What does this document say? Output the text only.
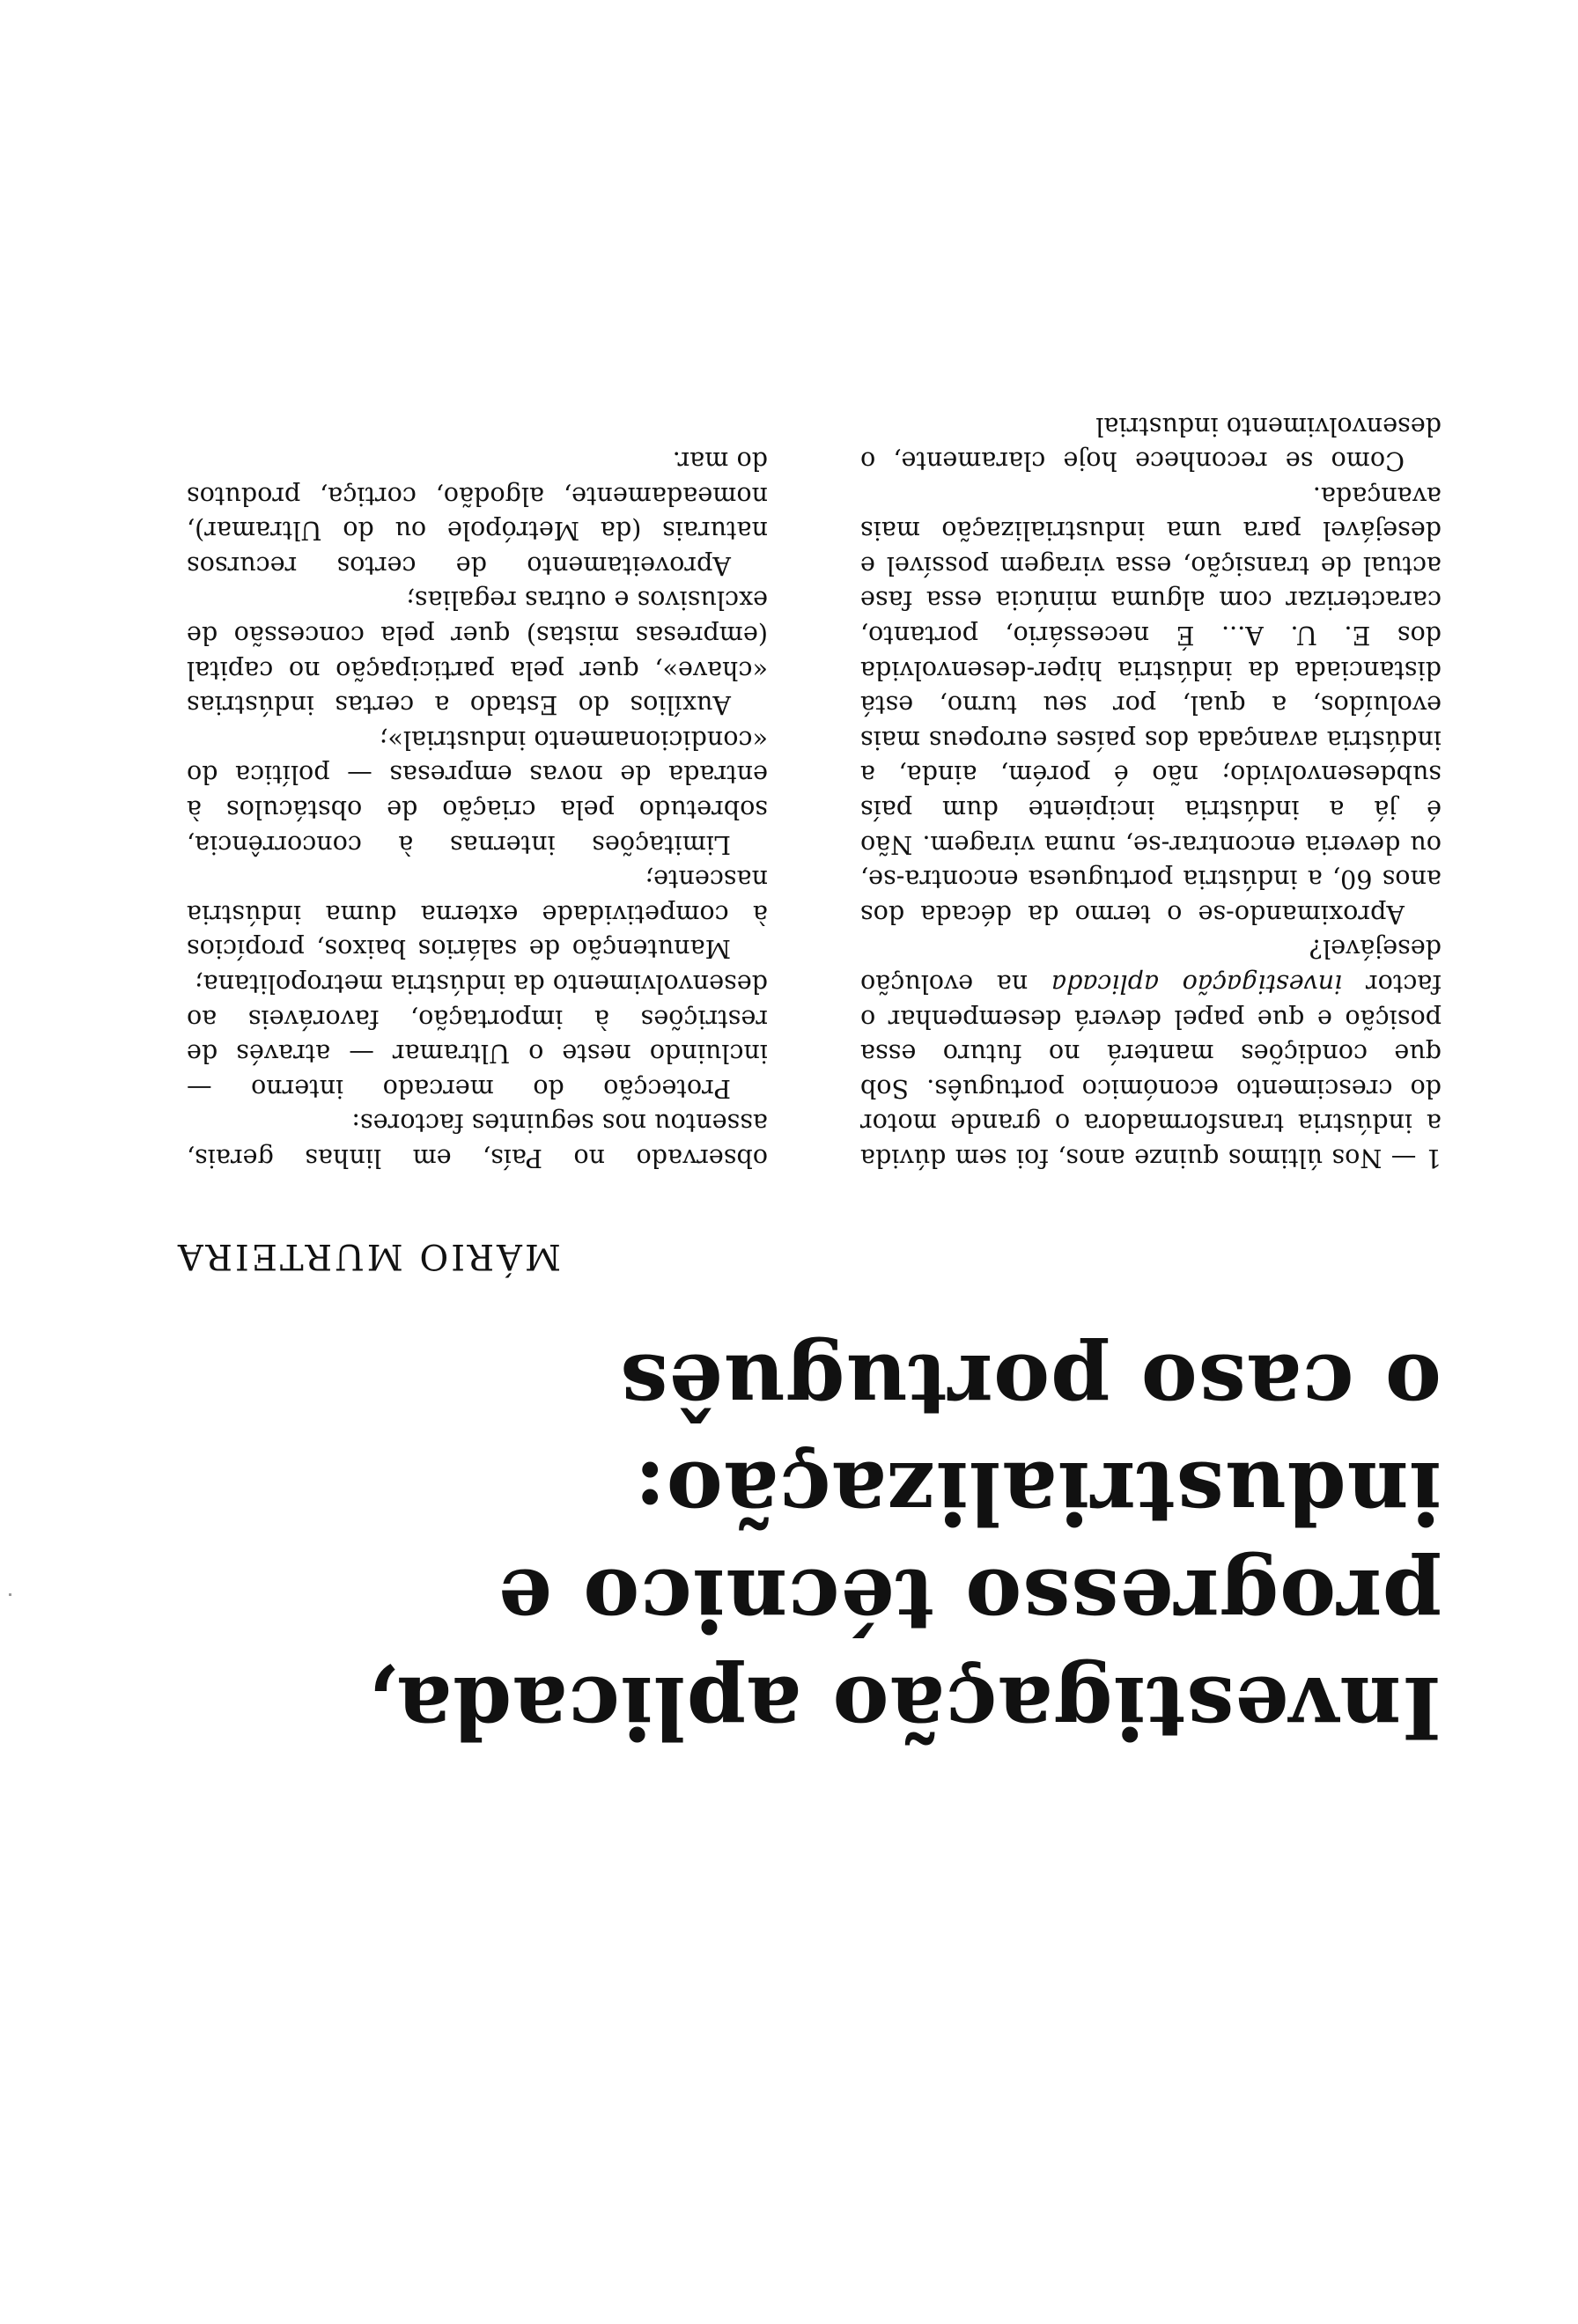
Investigação aplicada,
progresso técnico e
industrialização:
o caso português
MÁRIO MURTEIRA

1 — Nos últimos quinze anos, foi sem dúvida a indústria transformadora o grande motor do crescimento económico português. Sob que condições manterá no futuro essa posição e que papel deverá desempenhar o factor investigação aplicada na evolução desejável?

Aproximando-se o termo da década dos anos 60, a indústria portuguesa encontra-se, ou deveria encontrar-se, numa viragem. Não é já a indústria incipiente dum país subdesenvolvido; não é porém, ainda, a indústria avançada dos países europeus mais evoluídos, a qual, por seu turno, está distanciada da indústria hiper-desenvolvida dos E. U. A... É necessário, portanto, caracterizar com alguma minúcia essa fase actual de transição, essa viragem possível e desejável para uma industrialização mais avançada.

Como se reconhece hoje claramente, o desenvolvimento industrial

observado no País, em linhas gerais, assentou nos seguintes factores:

Protecção do mercado interno — incluindo neste o Ultramar — através de restrições à importação, favoráveis ao desenvolvimento da indústria metropolitana;

Manutenção de salários baixos, propícios à competividade externa duma indústria nascente;

Limitações internas à concorrência, sobretudo pela criação de obstáculos à entrada de novas empresas — política do «condicionamento industrial»;

Auxílios do Estado a certas indústrias «chave», quer pela participação no capital (empresas mistas) quer pela concessão de exclusivos e outras regalias;

Aproveitamento de certos recursos naturais (da Metrópole ou do Ultramar), nomeadamente, algodão, cortiça, produtos do mar.
